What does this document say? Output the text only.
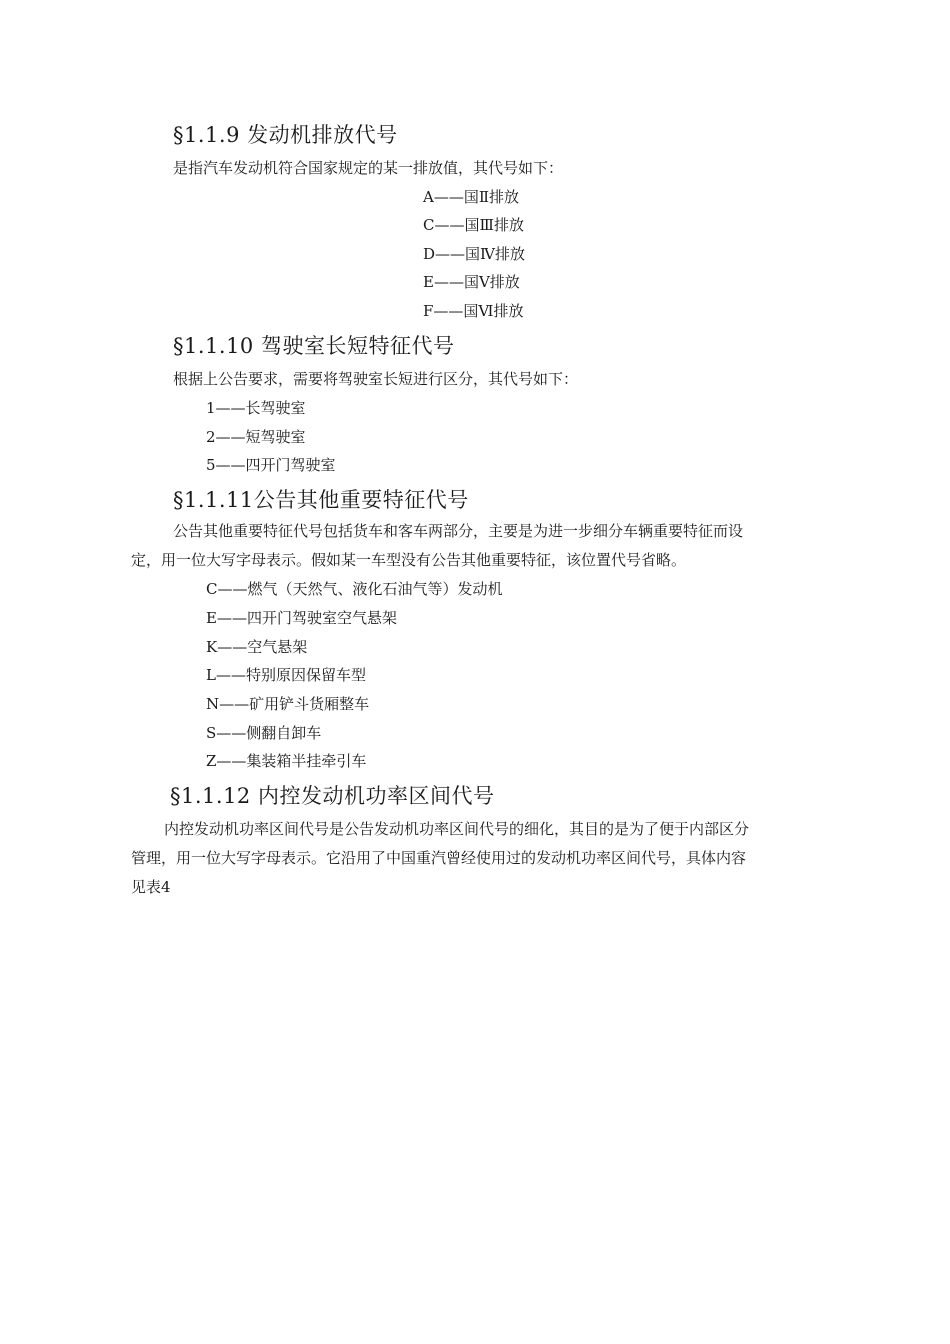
§1.1.9 发动机排放代号
是指汽车发动机符合国家规定的某一排放值，其代号如下：
A——国Ⅱ排放
C——国Ⅲ排放
D——国Ⅳ排放
E——国Ⅴ排放
F——国Ⅵ排放
§1.1.10 驾驶室长短特征代号
根据上公告要求，需要将驾驶室长短进行区分，其代号如下：
1——长驾驶室
2——短驾驶室
5——四开门驾驶室
§1.1.11公告其他重要特征代号
公告其他重要特征代号包括货车和客车两部分，主要是为进一步细分车辆重要特征而设
定，用一位大写字母表示。假如某一车型没有公告其他重要特征，该位置代号省略。
C——燃气（天然气、液化石油气等）发动机
E——四开门驾驶室空气悬架
K——空气悬架
L——特别原因保留车型
N——矿用铲斗货厢整车
S——侧翻自卸车
Z——集装箱半挂牵引车
§1.1.12 内控发动机功率区间代号
内控发动机功率区间代号是公告发动机功率区间代号的细化，其目的是为了便于内部区分
管理，用一位大写字母表示。它沿用了中国重汽曾经使用过的发动机功率区间代号，具体内容
见表4
